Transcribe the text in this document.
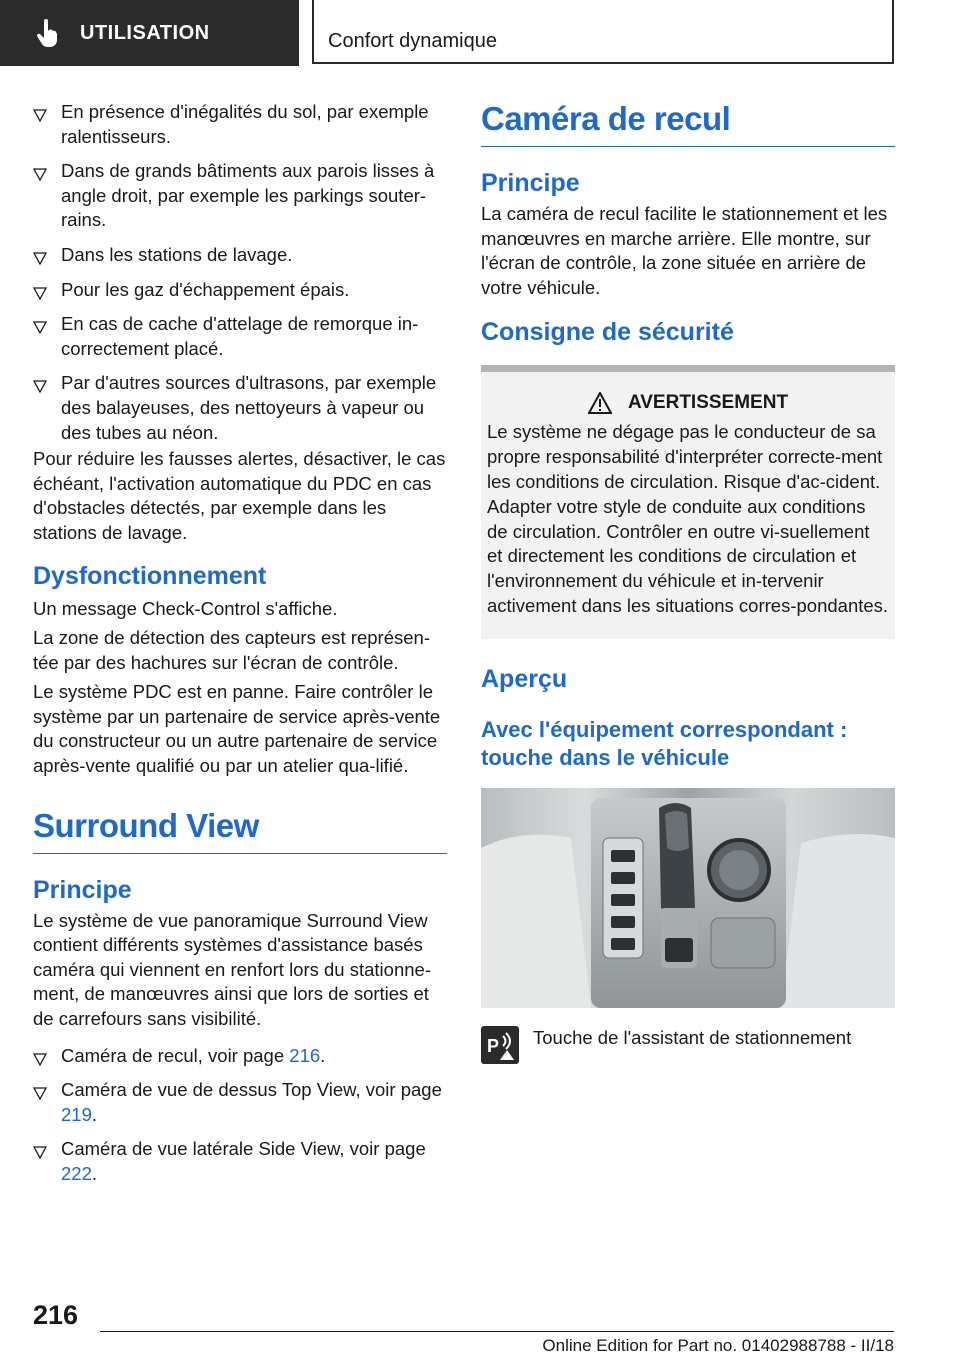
UTILISATION	Confort dynamique
En présence d'inégalités du sol, par exemple ralentisseurs.
Dans de grands bâtiments aux parois lisses à angle droit, par exemple les parkings souter-rains.
Dans les stations de lavage.
Pour les gaz d'échappement épais.
En cas de cache d'attelage de remorque in-correctement placé.
Par d'autres sources d'ultrasons, par exemple des balayeuses, des nettoyeurs à vapeur ou des tubes au néon.

Pour réduire les fausses alertes, désactiver, le cas échéant, l'activation automatique du PDC en cas d'obstacles détectés, par exemple dans les stations de lavage.

Dysfonctionnement

Un message Check-Control s'affiche.

La zone de détection des capteurs est représen-tée par des hachures sur l'écran de contrôle.

Le système PDC est en panne. Faire contrôler le système par un partenaire de service après-vente du constructeur ou un autre partenaire de service après-vente qualifié ou par un atelier qua-lifié.

Surround View
Principe

Le système de vue panoramique Surround View contient différents systèmes d'assistance basés caméra qui viennent en renfort lors du stationne-ment, de manœuvres ainsi que lors de sorties et de carrefours sans visibilité.

Caméra de recul, voir page 216.
Caméra de vue de dessus Top View, voir page 219.
Caméra de vue latérale Side View, voir page 222.
Caméra de recul
Principe

La caméra de recul facilite le stationnement et les manœuvres en marche arrière. Elle montre, sur l'écran de contrôle, la zone située en arrière de votre véhicule.

Consigne de sécurité
AVERTISSEMENT

Le système ne dégage pas le conducteur de sa propre responsabilité d'interpréter correcte-ment les conditions de circulation. Risque d'ac-cident. Adapter votre style de conduite aux conditions de circulation. Contrôler en outre vi-suellement et directement les conditions de circulation et l'environnement du véhicule et in-tervenir activement dans les situations corres-pondantes.

Aperçu
Avec l'équipement correspondant : touche dans le véhicule
P Touche de l'assistant de stationnement
216
Online Edition for Part no. 01402988788 - II/18
